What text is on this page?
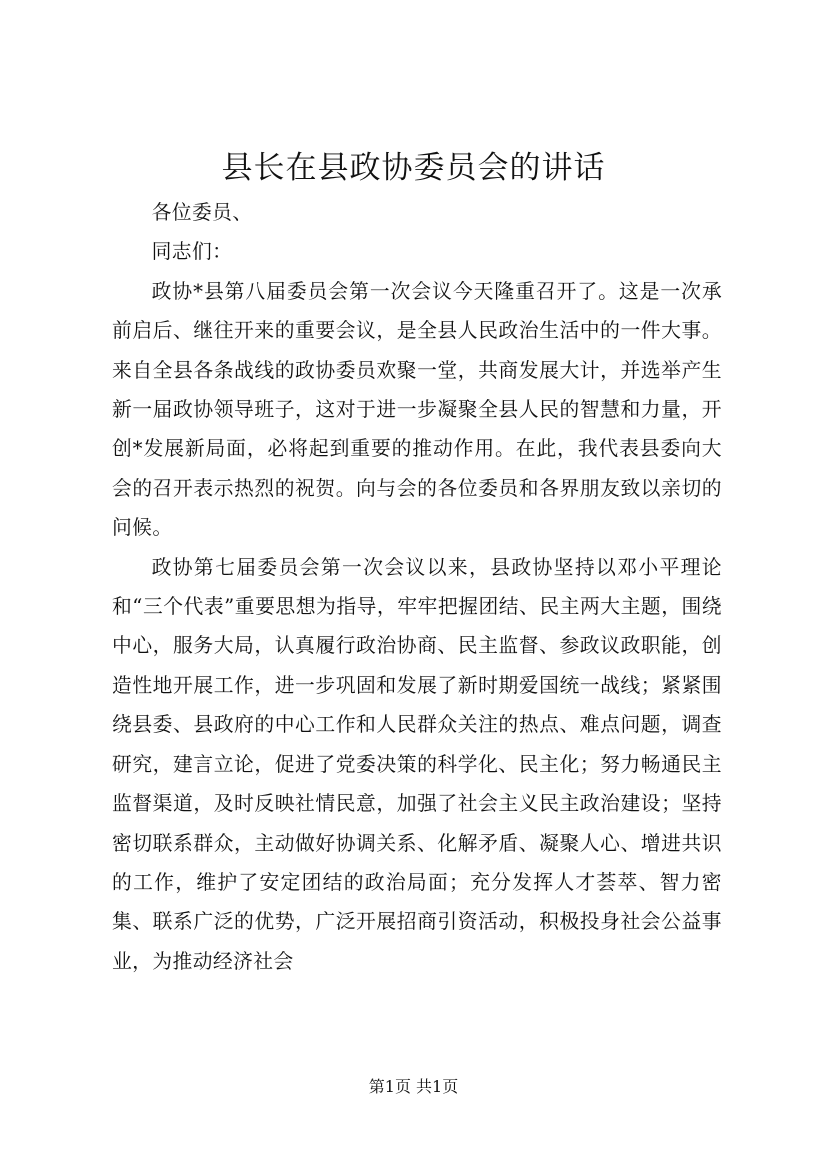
县长在县政协委员会的讲话

各位委员、

同志们：

政协*县第八届委员会第一次会议今天隆重召开了。这是一次承前启后、继往开来的重要会议，是全县人民政治生活中的一件大事。来自全县各条战线的政协委员欢聚一堂，共商发展大计，并选举产生新一届政协领导班子，这对于进一步凝聚全县人民的智慧和力量，开创*发展新局面，必将起到重要的推动作用。在此，我代表县委向大会的召开表示热烈的祝贺。向与会的各位委员和各界朋友致以亲切的问候。

政协第七届委员会第一次会议以来，县政协坚持以邓小平理论和“三个代表”重要思想为指导，牢牢把握团结、民主两大主题，围绕中心，服务大局，认真履行政治协商、民主监督、参政议政职能，创造性地开展工作，进一步巩固和发展了新时期爱国统一战线；紧紧围绕县委、县政府的中心工作和人民群众关注的热点、难点问题，调查研究，建言立论，促进了党委决策的科学化、民主化；努力畅通民主监督渠道，及时反映社情民意，加强了社会主义民主政治建设；坚持密切联系群众，主动做好协调关系、化解矛盾、凝聚人心、增进共识的工作，维护了安定团结的政治局面；充分发挥人才荟萃、智力密集、联系广泛的优势，广泛开展招商引资活动，积极投身社会公益事业，为推动经济社会

第1页 共1页
